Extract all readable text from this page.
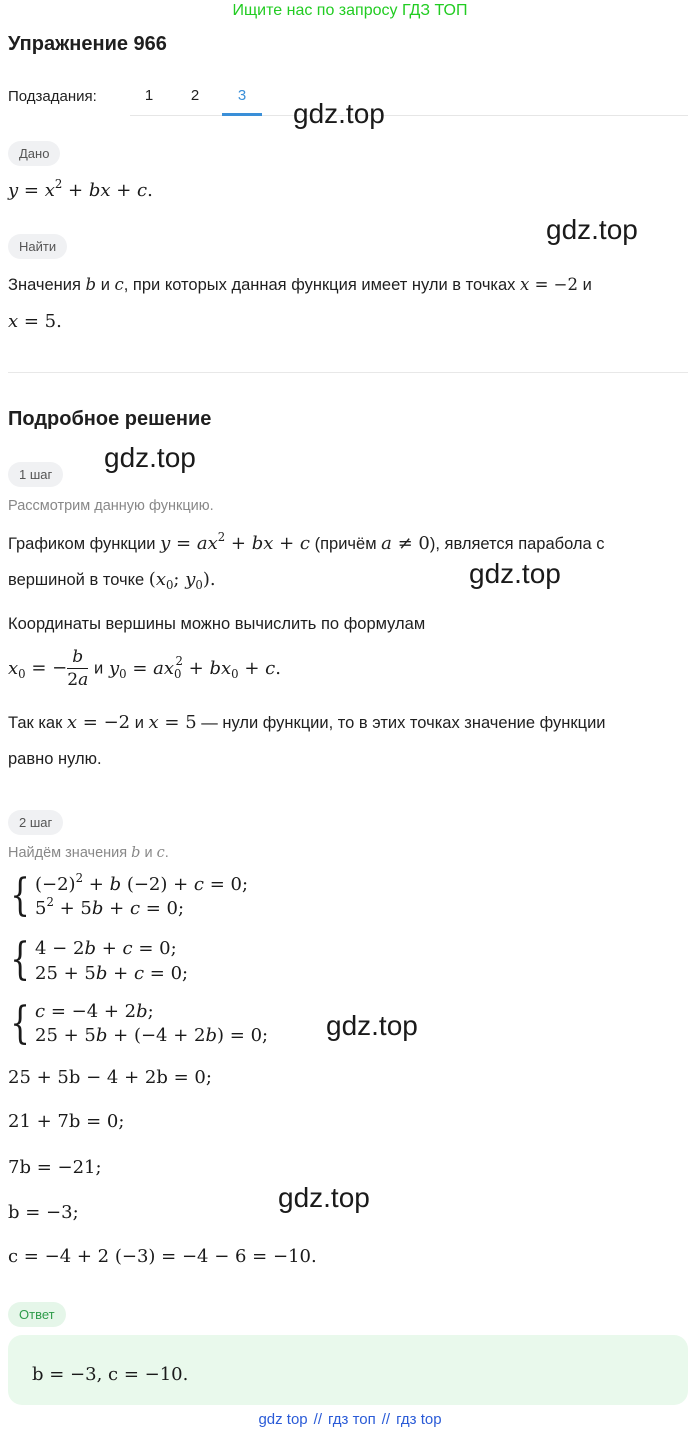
Ищите нас по запросу ГДЗ ТОП
Упражнение 966
Подзадания:	1	2	3
Дано
$y = x^2$ + bx + c.
Найти
Значения b и c, при которых данная функция имеет нули в точках x = −2 и
x = 5.
Подробное решение
1 шаг
Рассмотрим данную функцию.
Графиком функции $y = ax^2$ + bx + c (причём a ≠ 0), является парабола с
вершиной в точке ($x_0$; $y_0$).
Координаты вершины можно вычислить по формулам
$x_0$ = − $\frac{b}{2a}$ и $y_0 = ax_0^2 + bx_0 + c$.
Так как x = −2 и x = 5 — нули функции, то в этих точках значение функции
равно нулю.
2 шаг
Найдём значения b и c.
{ $(-2)^2 + b$ (−2) + c = 0;
$5^2 + 5b + c = 0$;
{ 4 − 2b + c = 0;
25 + 5b + c = 0;
{ c = −4 + 2b;
25 + 5b + (−4 + 2b) = 0;
25 + 5b − 4 + 2b = 0;
21 + 7b = 0;
7b = −21;
b = −3;
c = −4 + 2 (−3) = −4 − 6 = −10.
Ответ
b = −3, c = −10.
gdz.top
gdz.top
gdz.top
gdz.top
gdz.top
gdz.top
gdz top // гдз топ // гдз top
